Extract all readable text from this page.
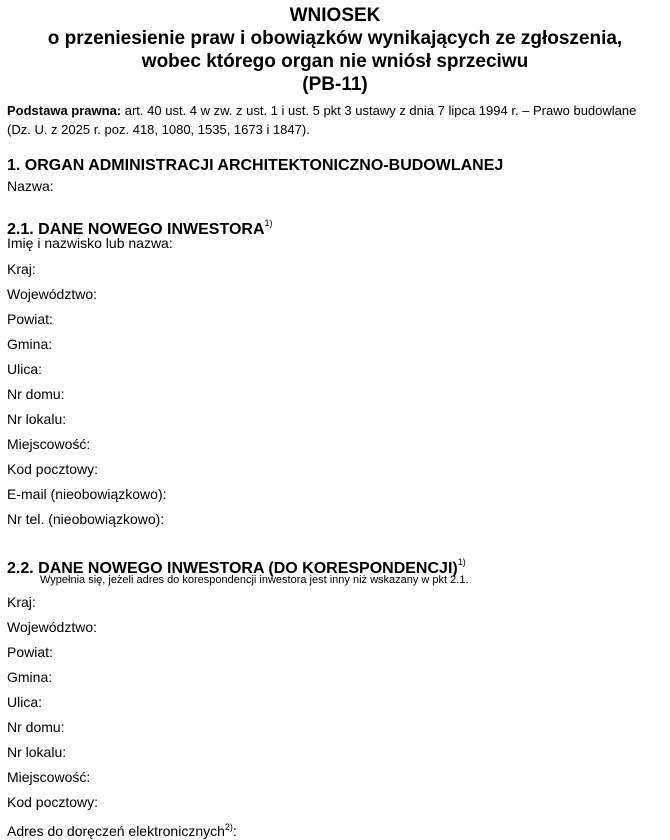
WNIOSEK
o przeniesienie praw i obowiązków wynikających ze zgłoszenia,
wobec którego organ nie wniósł sprzeciwu
(PB-11)
Podstawa prawna: art. 40 ust. 4 w zw. z ust. 1 i ust. 5 pkt 3 ustawy z dnia 7 lipca 1994 r. – Prawo budowlane
(Dz. U. z 2025 r. poz. 418, 1080, 1535, 1673 i 1847).
1. ORGAN ADMINISTRACJI ARCHITEKTONICZNO-BUDOWLANEJ
Nazwa:
2.1. DANE NOWEGO INWESTORA$^{1)}$
Imię i nazwisko lub nazwa:
Kraj:
Województwo:
Powiat:
Gmina:
Ulica:
Nr domu:
Nr lokalu:
Miejscowość:
Kod pocztowy:
E-mail (nieobowiązkowo):
Nr tel. (nieobowiązkowo):
2.2. DANE NOWEGO INWESTORA (DO KORESPONDENCJI)$^{1)}$
Wypełnia się, jeżeli adres do korespondencji inwestora jest inny niż wskazany w pkt 2.1.
Kraj:
Województwo:
Powiat:
Gmina:
Ulica:
Nr domu:
Nr lokalu:
Miejscowość:
Kod pocztowy:
Adres do doręczeń elektronicznych$^{2)}$:
